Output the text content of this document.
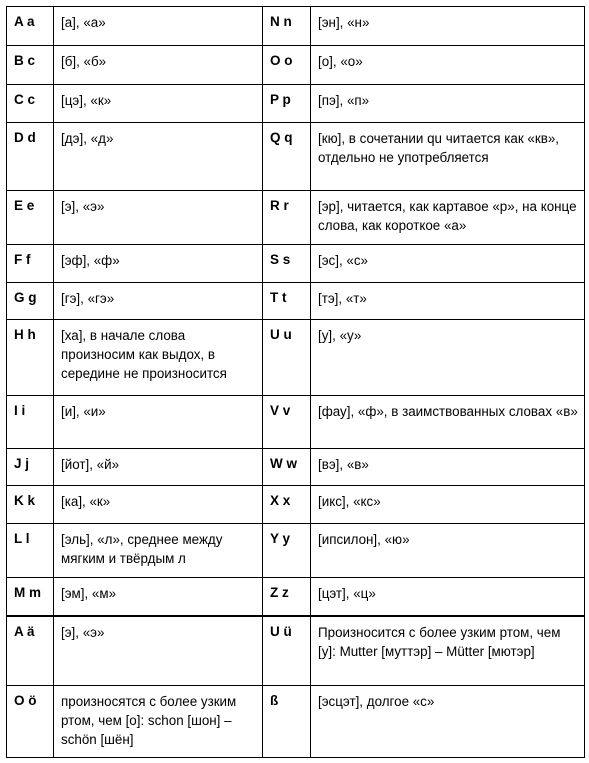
A a	[а], «а»	N n	[эн], «н»
B с	[б], «б»	O o	[о], «о»
C c	[цэ], «к»	P p	[пэ], «п»
D d	[дэ], «д»	Q q	[кю], в сочетании qu читается как «кв», отдельно не употребляется
E e	[э], «э»	R r	[эр], читается, как картавое «р», на конце слова, как короткое «а»
F f	[эф], «ф»	S s	[эс], «с»
G g	[гэ], «гэ»	T t	[тэ], «т»
H h	[ха], в начале слова произносим как выдох, в середине не произносится	U u	[у], «у»
I i	[и], «и»	V v	[фау], «ф», в заимствованных словах «в»
J j	[йот], «й»	W w	[вэ], «в»
K k	[ка], «к»	X x	[икс], «кс»
L l	[эль], «л», среднее между мягким и твёрдым л	Y y	[ипсилон], «ю»
M m	[эм], «м»	Z z	[цэт], «ц»
A ä	[э], «э»	U ü	Произносится с более узким ртом, чем [у]: Mutter [муттэр] – Mütter [мютэр]
O ö	произносятся с более узким ртом, чем [о]: schon [шон] – schön [шён]	ß	[эсцэт], долгое «с»
